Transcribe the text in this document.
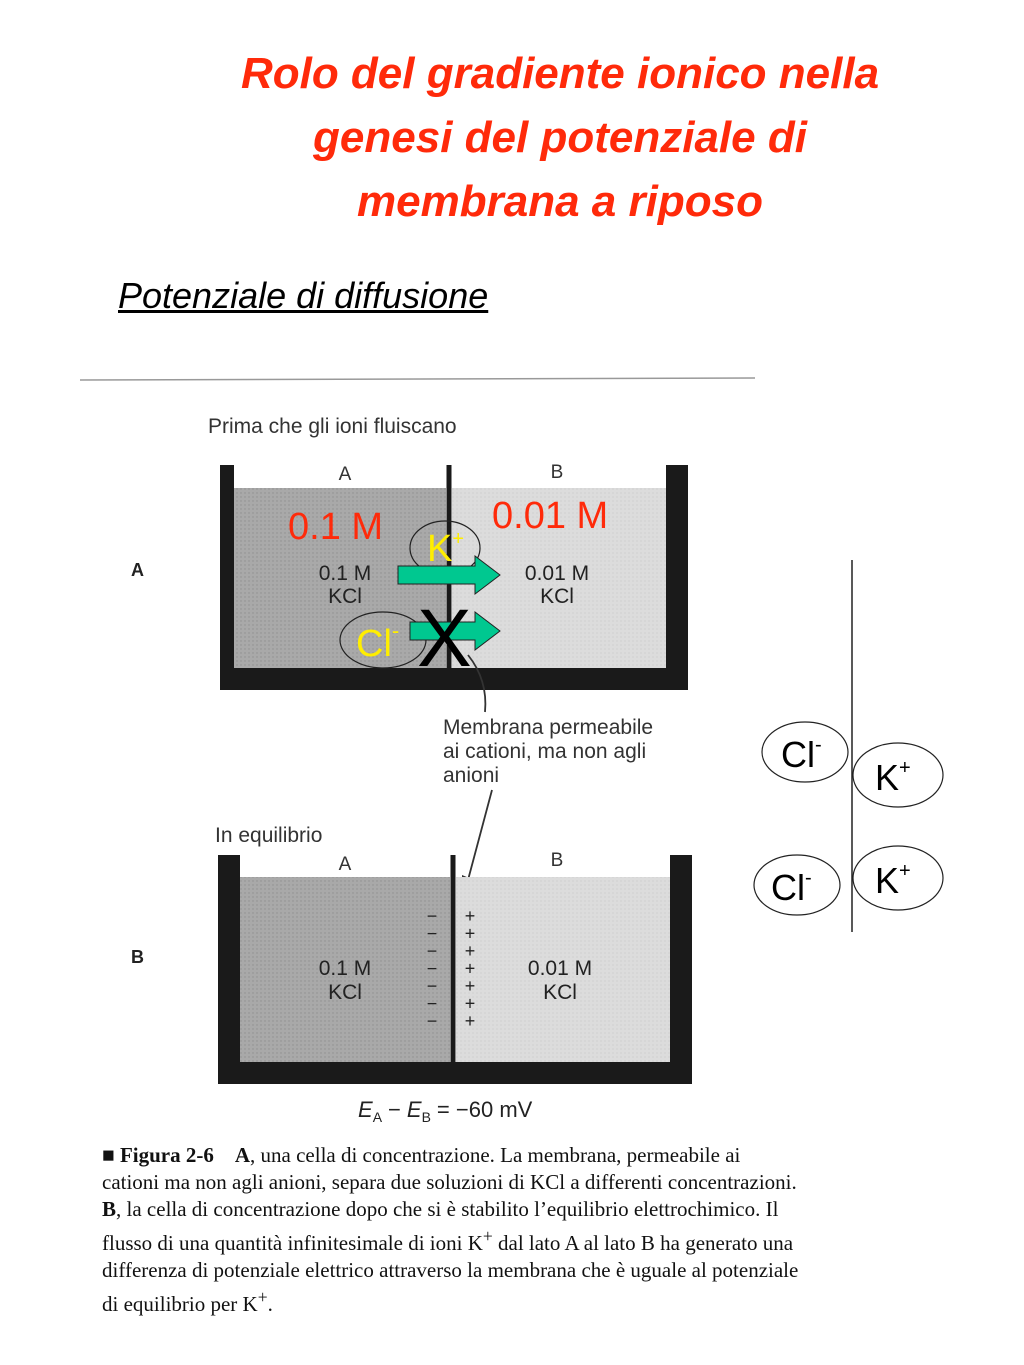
Rolo del gradiente ionico nella
genesi del potenziale di
membrana a riposo
Potenziale di diffusione
Prima che gli ioni fluiscano
A
A	B
0.1 M
KCl
0.01 M
KCl
Membrana permeabile
ai cationi, ma non agli
anioni
In equilibrio
B
A	B
− +
− +
− +
− +
− +
− +
− +
0.1 M
KCl
0.01 M
KCl
$E_A - E_B = -60$ mV
0.1 M	0.01 M
K+
Cl- X
Cl-
K+
Cl- K+
■ Figura 2-6 A, una cella di concentrazione. La membrana, permeabile ai cationi ma non agli anioni, separa due soluzioni di KCl a differenti concentrazioni. B, la cella di concentrazione dopo che si è stabilito l’equilibrio elettrochimico. Il flusso di una quantità infinitesimale di ioni K+ dal lato A al lato B ha generato una differenza di potenziale elettrico attraverso la membrana che è uguale al potenziale di equilibrio per K+.
